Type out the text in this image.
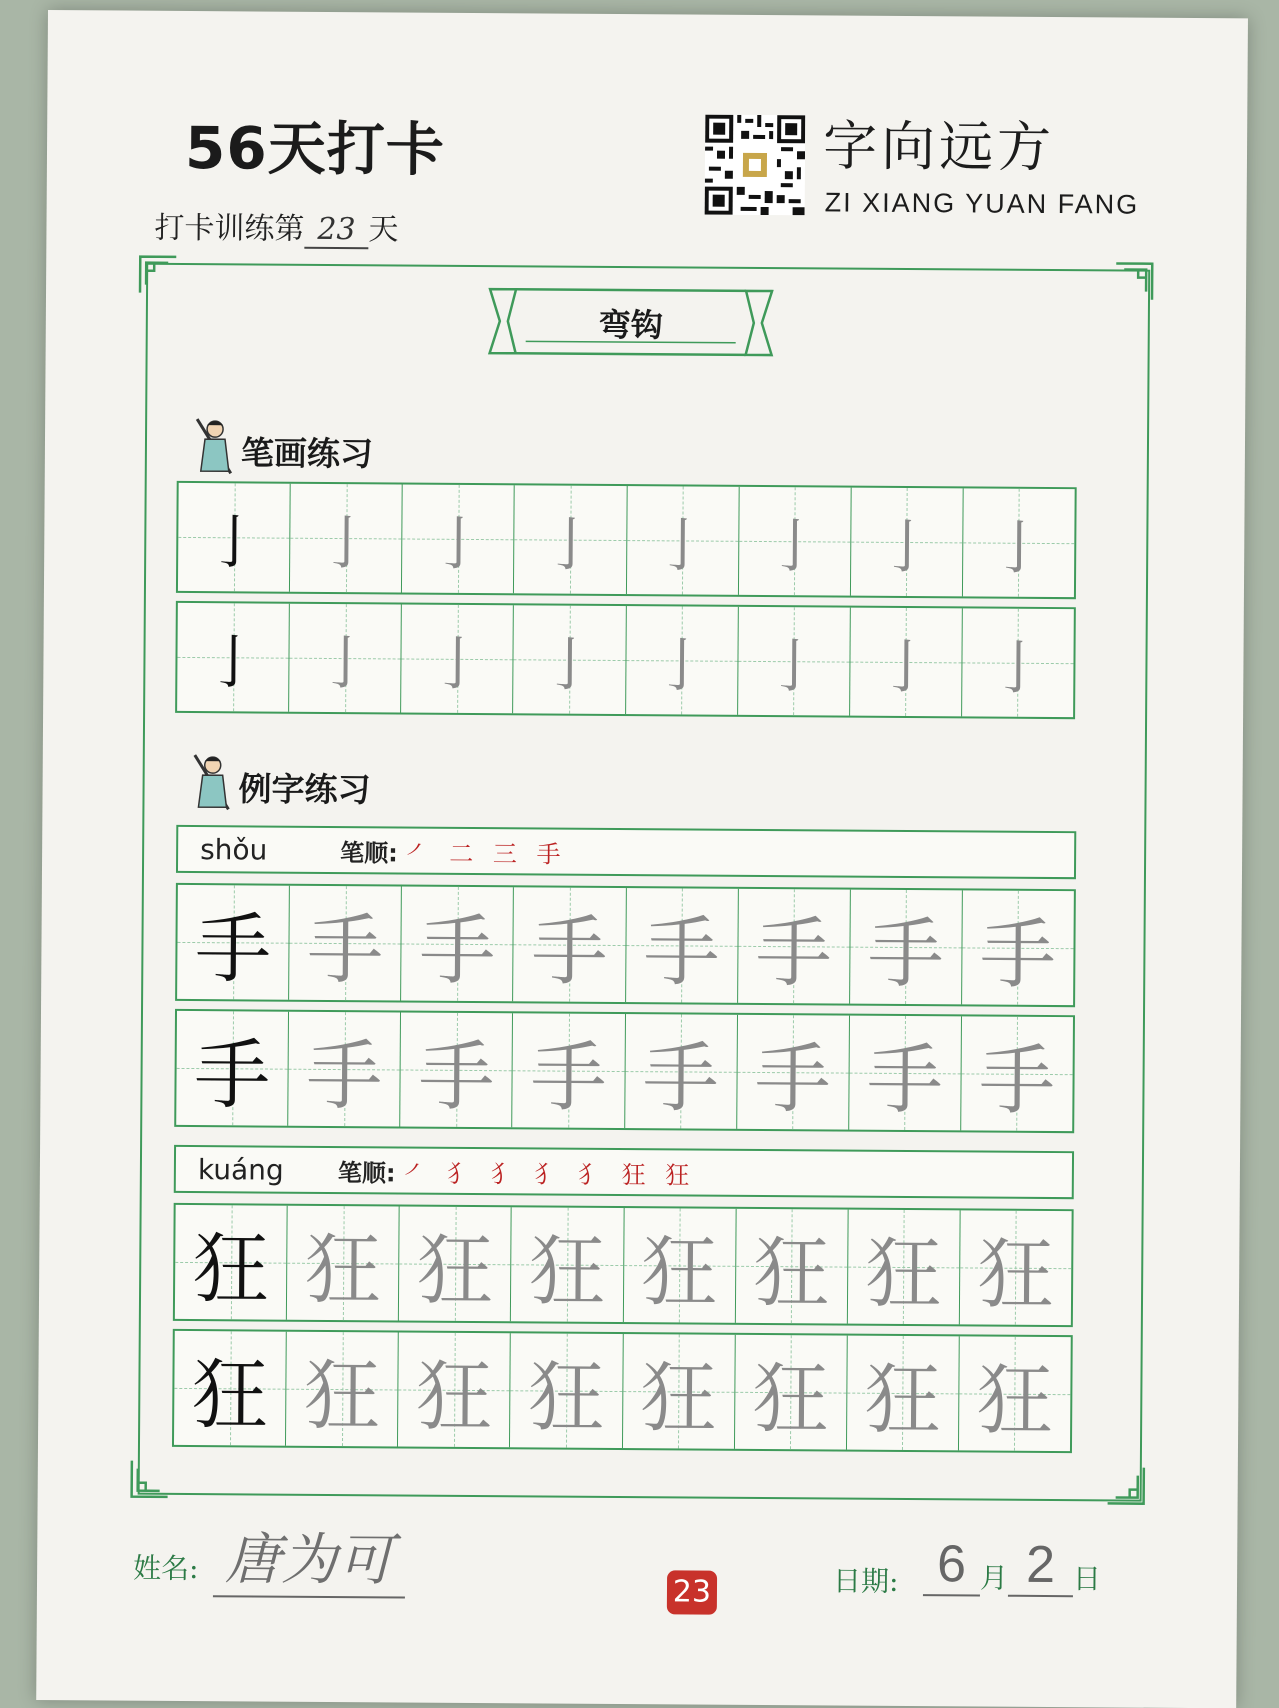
56天打卡
打卡训练第 23 天
字向远方
ZI XIANG YUAN FANG
弯钩
笔画练习
亅 亅 亅 亅 亅 亅 亅 亅
亅 亅 亅 亅 亅 亅 亅 亅
例字练习
shǒu	笔顺: ㇒ 二 三 手
手 手 手 手 手 手 手 手
手 手 手 手 手 手 手 手
kuáng	笔顺: ㇒ 犭 犭 犭 犭 狂 狂
狂 狂 狂 狂 狂 狂 狂 狂
狂 狂 狂 狂 狂 狂 狂 狂
姓名: 唐为可	23	日期: 6 月 2 日
